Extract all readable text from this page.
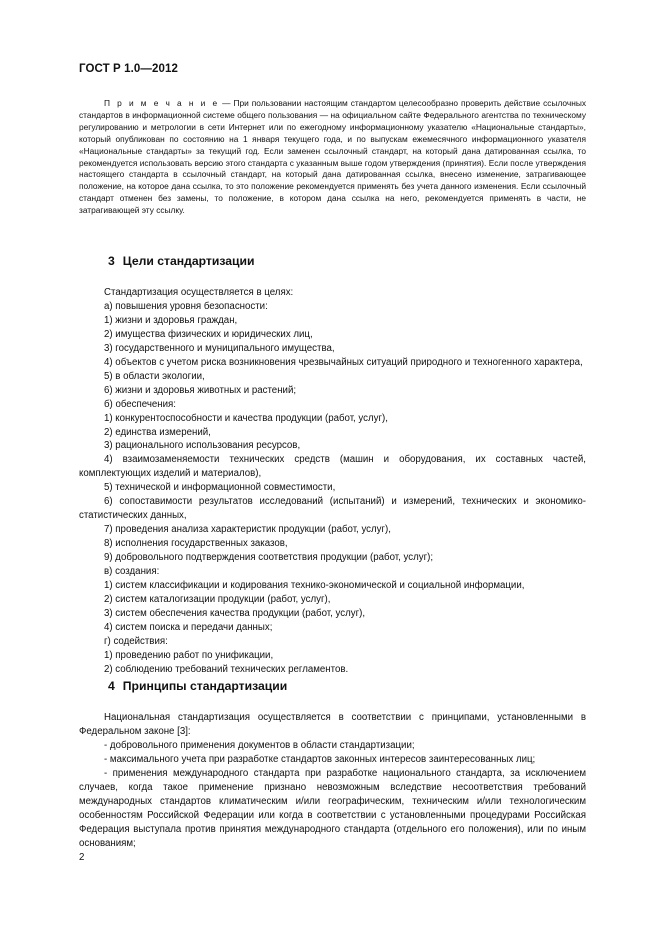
ГОСТ Р 1.0—2012

П р и м е ч а н и е — При пользовании настоящим стандартом целесообразно проверить действие ссылочных стандартов в информационной системе общего пользования — на официальном сайте Федерального агентства по техническому регулированию и метрологии в сети Интернет или по ежегодному информационному указателю «Национальные стандарты», который опубликован по состоянию на 1 января текущего года, и по выпускам ежемесячного информационного указателя «Национальные стандарты» за текущий год. Если заменен ссылочный стандарт, на который дана датированная ссылка, то рекомендуется использовать версию этого стандарта с указанным выше годом утверждения (принятия). Если после утверждения настоящего стандарта в ссылочный стандарт, на который дана датированная ссылка, внесено изменение, затрагивающее положение, на которое дана ссылка, то это положение рекомендуется применять без учета данного изменения. Если ссылочный стандарт отменен без замены, то положение, в котором дана ссылка на него, рекомендуется применять в части, не затрагивающей эту ссылку.

3 Цели стандартизации
Стандартизация осуществляется в целях:
а) повышения уровня безопасности:
1) жизни и здоровья граждан,
2) имущества физических и юридических лиц,
3) государственного и муниципального имущества,
4) объектов с учетом риска возникновения чрезвычайных ситуаций природного и техногенного характера,
5) в области экологии,
6) жизни и здоровья животных и растений;
б) обеспечения:
1) конкурентоспособности и качества продукции (работ, услуг),
2) единства измерений,
3) рационального использования ресурсов,
4) взаимозаменяемости технических средств (машин и оборудования, их составных частей, комплектующих изделий и материалов),
5) технической и информационной совместимости,
6) сопоставимости результатов исследований (испытаний) и измерений, технических и экономико-статистических данных,
7) проведения анализа характеристик продукции (работ, услуг),
8) исполнения государственных заказов,
9) добровольного подтверждения соответствия продукции (работ, услуг);
в) создания:
1) систем классификации и кодирования технико-экономической и социальной информации,
2) систем каталогизации продукции (работ, услуг),
3) систем обеспечения качества продукции (работ, услуг),
4) систем поиска и передачи данных;
г) содействия:
1) проведению работ по унификации,
2) соблюдению требований технических регламентов.
4 Принципы стандартизации
Национальная стандартизация осуществляется в соответствии с принципами, установленными в Федеральном законе [3]:
- добровольного применения документов в области стандартизации;
- максимального учета при разработке стандартов законных интересов заинтересованных лиц;
- применения международного стандарта при разработке национального стандарта, за исключением случаев, когда такое применение признано невозможным вследствие несоответствия требований международных стандартов климатическим и/или географическим, техническим и/или технологическим особенностям Российской Федерации или когда в соответствии с установленными процедурами Российская Федерация выступала против принятия международного стандарта (отдельного его положения), или по иным основаниям;
2
